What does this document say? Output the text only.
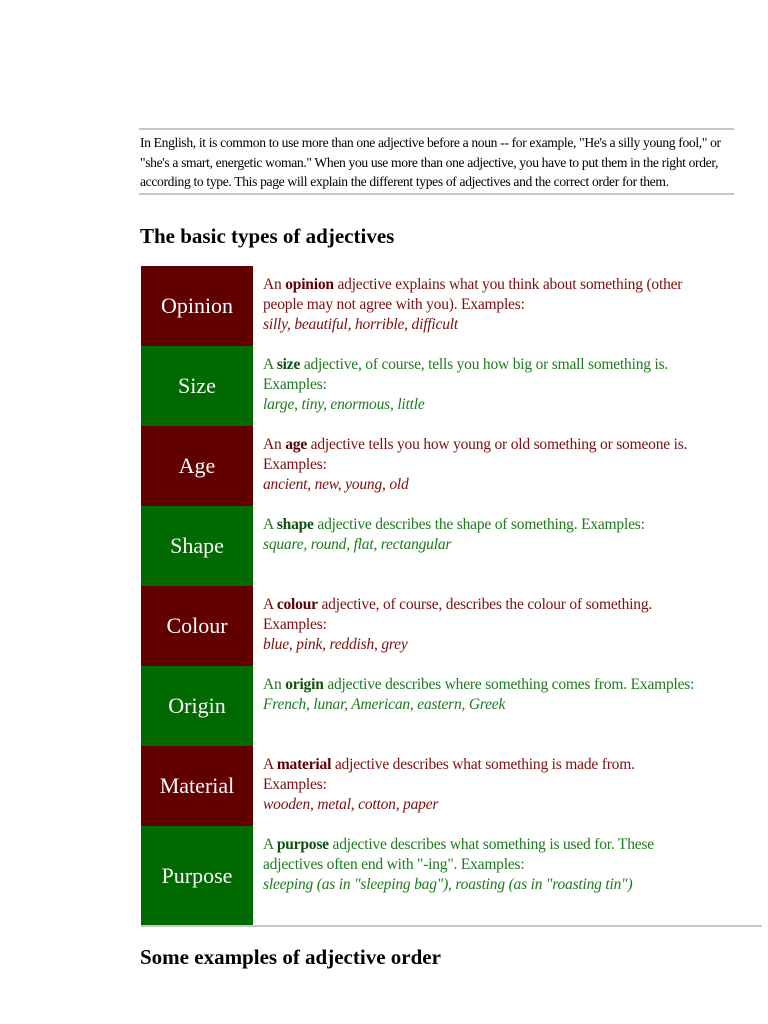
In English, it is common to use more than one adjective before a noun -- for example, "He's a silly young fool," or "she's a smart, energetic woman." When you use more than one adjective, you have to put them in the right order, according to type. This page will explain the different types of adjectives and the correct order for them.

The basic types of adjectives
Opinion
An opinion adjective explains what you think about something (other people may not agree with you). Examples:
silly, beautiful, horrible, difficult
Size
A size adjective, of course, tells you how big or small something is. Examples:
large, tiny, enormous, little
Age
An age adjective tells you how young or old something or someone is. Examples:
ancient, new, young, old
Shape
A shape adjective describes the shape of something. Examples:
square, round, flat, rectangular
Colour
A colour adjective, of course, describes the colour of something. Examples:
blue, pink, reddish, grey
Origin
An origin adjective describes where something comes from. Examples:
French, lunar, American, eastern, Greek
Material
A material adjective describes what something is made from. Examples:
wooden, metal, cotton, paper
Purpose
A purpose adjective describes what something is used for. These adjectives often end with "-ing". Examples:
sleeping (as in "sleeping bag"), roasting (as in "roasting tin")
Some examples of adjective order
